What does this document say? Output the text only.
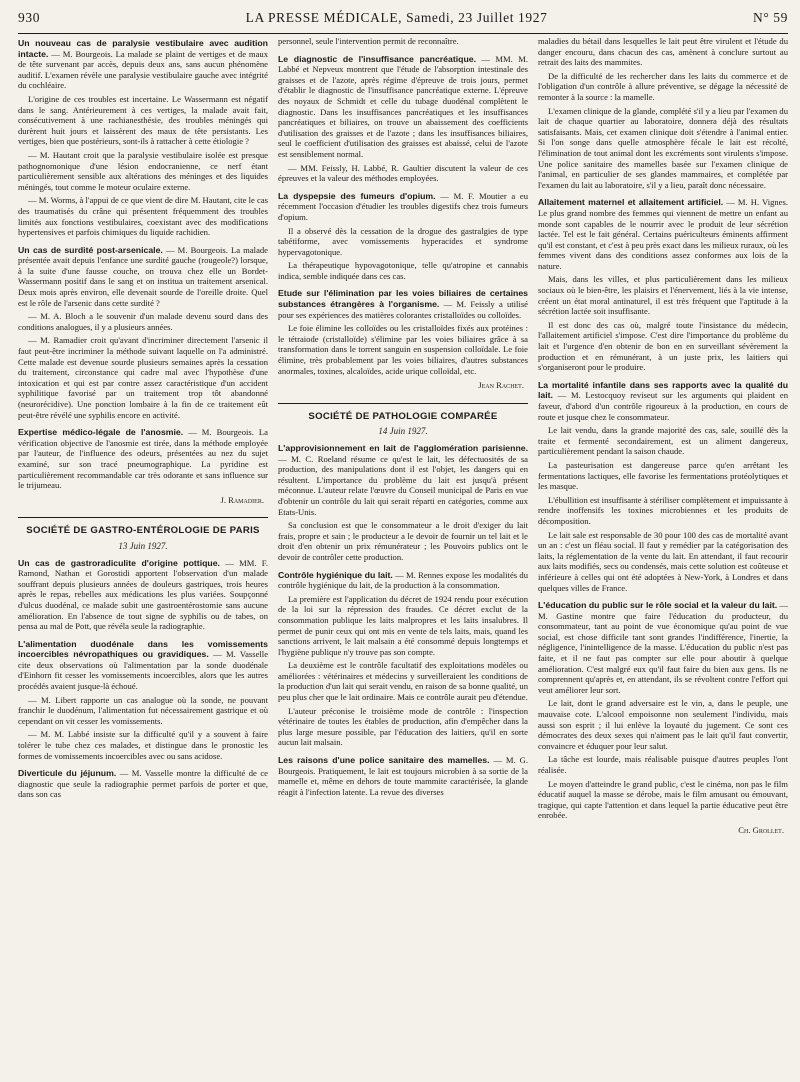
930	LA PRESSE MÉDICALE, Samedi, 23 Juillet 1927	N° 59

Un nouveau cas de paralysie vestibulaire avec audition intacte. — M. Bourgeois. La malade se plaint de vertiges et de maux de tête survenant par accès, depuis deux ans, sans aucun phénomène auditif. L'examen révèle une paralysie vestibulaire gauche avec intégrité du cochléaire.

L'origine de ces troubles est incertaine. Le Wassermann est négatif dans le sang. Antérieurement à ces vertiges, la malade avait fait, consécutivement à une rachianesthésie, des troubles méningés qui durèrent huit jours et laissèrent des maux de tête persistants. Les vertiges, bien que postérieurs, sont-ils à rattacher à cette étiologie ?

— M. Hautant croit que la paralysie vestibulaire isolée est presque pathognomonique d'une lésion endocranienne, ce nerf étant particulièrement sensible aux altérations des méninges et des liquides méningés, tout comme le moteur oculaire externe.

— M. Worms, à l'appui de ce que vient de dire M. Hautant, cite le cas des traumatisés du crâne qui présentent fréquemment des troubles limités aux fonctions vestibulaires, coexistant avec des modifications hypertensives et parfois chimiques du liquide rachidien.

Un cas de surdité post-arsenicale. — M. Bourgeois. La malade présentée avait depuis l'enfance une surdité gauche (rougeole?) lorsque, à la suite d'une fausse couche, on trouva chez elle un Bordet-Wassermann positif dans le sang et on institua un traitement arsenical. Deux mois après environ, elle devenait sourde de l'oreille droite. Quel est le rôle de l'arsenic dans cette surdité ?

— M. A. Bloch a le souvenir d'un malade devenu sourd dans des conditions analogues, il y a plusieurs années.

— M. Ramadier croit qu'avant d'incriminer directement l'arsenic il faut peut-être incriminer la méthode suivant laquelle on l'a administré. Cette malade est devenue sourde plusieurs semaines après la cessation du traitement, circonstance qui cadre mal avec l'hypothèse d'une intoxication et qui est par contre assez caractéristique d'un accident syphilitique favorisé par un traitement trop tôt abandonné (neurorécidive). Une ponction lombaire à la fin de ce traitement eût peut-être révélé une syphilis encore en activité.

Expertise médico-légale de l'anosmie. — M. Bourgeois. La vérification objective de l'anosmie est tirée, dans la méthode employée par l'auteur, de l'influence des odeurs, présentées au nez du sujet examiné, sur son tracé pneumographique. La pyridine est particulièrement recommandable car très odorante et sans influence sur le trijumeau.

J. Ramadier.
SOCIÉTÉ DE GASTRO-ENTÉROLOGIE DE PARIS
13 Juin 1927.

Un cas de gastroradiculite d'origine pottique. — MM. F. Ramond, Nathan et Gorostidi apportent l'observation d'un malade souffrant depuis plusieurs années de douleurs gastriques, trois heures après le repas, rebelles aux médications les plus variées. Soupçonné d'ulcus duodénal, ce malade subit une gastroentérostomie sans aucune amélioration. En l'absence de tout signe de syphilis ou de tabes, on pensa au mal de Pott, que révéla seule la radiographie.

L'alimentation duodénale dans les vomissements incoercibles névropathiques ou gravidiques. — M. Vasselle cite deux observations où l'alimentation par la sonde duodénale d'Einhorn fit cesser les vomissements incoercibles, alors que les autres procédés avaient jusque-là échoué.

— M. Libert rapporte un cas analogue où la sonde, ne pouvant franchir le duodénum, l'alimentation fut nécessairement gastrique et où cependant on vit cesser les vomissements.

— M. M. Labbé insiste sur la difficulté qu'il y a souvent à faire tolérer le tube chez ces malades, et distingue dans le pronostic les formes de vomissements incoercibles avec ou sans acidose.

Diverticule du jéjunum. — M. Vasselle montre la difficulté de ce diagnostic que seule la radiographie permet parfois de porter et que, dans son cas

personnel, seule l'intervention permit de reconnaître.

Le diagnostic de l'insuffisance pancréatique. — MM. M. Labbé et Nepveux montrent que l'étude de l'absorption intestinale des graisses et de l'azote, après régime d'épreuve de trois jours, permet d'établir le diagnostic de l'insuffisance pancréatique externe. L'épreuve des noyaux de Schmidt et celle du tubage duodénal complètent le diagnostic. Dans les insuffisances pancréatiques et les insuffisances pancréatiques et biliaires, on trouve un abaissement des coefficients d'utilisation des graisses et de l'azote ; dans les insuffisances biliaires, seul le coefficient d'utilisation des graisses est abaissé, celui de l'azote est sensiblement normal.

— MM. Feissly, H. Labbé, R. Gaultier discutent la valeur de ces épreuves et la valeur des méthodes employées.

La dyspepsie des fumeurs d'opium. — M. F. Moutier a eu récemment l'occasion d'étudier les troubles digestifs chez trois fumeurs d'opium.

Il a observé dès la cessation de la drogue des gastralgies de type tabétiforme, avec vomissements hyperacides et syndrome hypervagotonique.

La thérapeutique hypovagotonique, telle qu'atropine et cannabis indica, semble indiquée dans ces cas.

Etude sur l'élimination par les voies biliaires de certaines substances étrangères à l'organisme. — M. Feissly a utilisé pour ses expériences des matières colorantes cristalloïdes ou colloïdes.

Le foie élimine les colloïdes ou les cristalloïdes fixés aux protéines : le tétraiode (cristalloïde) s'élimine par les voies biliaires grâce à sa transformation dans le torrent sanguin en suspension colloïdale. Le foie élimine, très probablement par les voies biliaires, d'autres substances anormales, toxines, alcaloïdes, acide urique colloïdal, etc.

Jean Rachet.
SOCIÉTÉ DE PATHOLOGIE COMPARÉE
14 Juin 1927.

L'approvisionnement en lait de l'agglomération parisienne. — M. C. Roeland résume ce qu'est le lait, les défectuosités de sa production, des manipulations dont il est l'objet, les dangers qui en résultent. L'importance du problème du lait est jusqu'à présent méconnue. L'auteur relate l'œuvre du Conseil municipal de Paris en vue d'obtenir un contrôle du lait qui serait réparti en catégories, comme aux Etats-Unis.

Sa conclusion est que le consommateur a le droit d'exiger du lait frais, propre et sain ; le producteur a le devoir de fournir un tel lait et le droit d'en obtenir un prix rémunérateur ; les Pouvoirs publics ont le devoir de contrôler cette production.

Contrôle hygiénique du lait. — M. Rennes expose les modalités du contrôle hygiénique du lait, de la production à la consommation.

La première est l'application du décret de 1924 rendu pour exécution de la loi sur la répression des fraudes. Ce décret exclut de la consommation publique les laits malpropres et les laits insalubres. Il permet de punir ceux qui ont mis en vente de tels laits, mais, quand les sanctions arrivent, le lait malsain a été consommé depuis longtemps et l'hygiène publique n'y trouve pas son compte.

La deuxième est le contrôle facultatif des exploitations modèles ou améliorées : vétérinaires et médecins y surveilleraient les conditions de la production d'un lait qui serait vendu, en raison de sa bonne qualité, un peu plus cher que le lait ordinaire. Mais ce contrôle aurait peu d'étendue.

L'auteur préconise le troisième mode de contrôle : l'inspection vétérinaire de toutes les étables de production, afin d'empêcher dans la plus large mesure possible, par l'éducation des laitiers, qu'il en sorte aucun lait malsain.

Les raisons d'une police sanitaire des mamelles. — M. G. Bourgeois. Pratiquement, le lait est toujours microbien à sa sortie de la mamelle et, même en dehors de toute mammite caractérisée, la glande réagit à l'infection latente. La revue des diverses

maladies du bétail dans lesquelles le lait peut être virulent et l'étude du danger encouru, dans chacun des cas, amènent à conclure surtout au retrait des laits des mammites.

De la difficulté de les rechercher dans les laits du commerce et de l'obligation d'un contrôle à allure préventive, se dégage la nécessité de remonter à la source : la mamelle.

L'examen clinique de la glande, complété s'il y a lieu par l'examen du lait de chaque quartier au laboratoire, donnera déjà des résultats satisfaisants. Mais, cet examen clinique doit s'étendre à l'animal entier. Si l'on songe dans quelle atmosphère fécale le lait est récolté, l'élimination de tout animal dont les excréments sont virulents s'impose. Une police sanitaire des mamelles basée sur l'examen clinique de l'animal, en particulier de ses glandes mammaires, et complétée par l'examen du lait au laboratoire, s'il y a lieu, paraît donc nécessaire.

Allaitement maternel et allaitement artificiel. — M. H. Vignes. Le plus grand nombre des femmes qui viennent de mettre un enfant au monde sont capables de le nourrir avec le produit de leur sécrétion lactée. Tel est le fait général. Certains puériculteurs éminents affirment qu'il est constant, et c'est à peu près exact dans les milieux ruraux, où les femmes vivent dans des conditions assez conformes aux lois de la nature.

Mais, dans les villes, et plus particulièrement dans les milieux sociaux où le bien-être, les plaisirs et l'énervement, liés à la vie intense, créent un état moral antinaturel, il est très fréquent que l'aptitude à la sécrétion lactée soit insuffisante.

Il est donc des cas où, malgré toute l'insistance du médecin, l'allaitement artificiel s'impose. C'est dire l'importance du problème du lait et l'urgence d'en obtenir de bon en en surveillant sévèrement la production et en rémunérant, à un juste prix, les laitiers qui s'organiseront pour le produire.

La mortalité infantile dans ses rapports avec la qualité du lait. — M. Lestocquoy reviseut sur les arguments qui plaident en faveur, d'abord d'un contrôle rigoureux à la production, en cours de route et jusque chez le consommateur.

Le lait vendu, dans la grande majorité des cas, sale, souillé dès la traite et fermenté secondairement, est un aliment dangereux, particulièrement pendant la saison chaude.

La pasteurisation est dangereuse parce qu'en arrêtant les fermentations lactiques, elle favorise les fermentations protéolytiques et les masque.

L'ébullition est insuffisante à stériliser complètement et impuissante à rendre inoffensifs les toxines microbiennes et les produits de décomposition.

Le lait sale est responsable de 30 pour 100 des cas de mortalité avant un an : c'est un fléau social. Il faut y remédier par la catégorisation des laits, la réglementation de la vente du lait. En attendant, il faut recourir aux laits modifiés, secs ou condensés, mais cette solution est coûteuse et inférieure à celles qui ont été adoptées à New-York, à Londres et dans quelques villes de France.

L'éducation du public sur le rôle social et la valeur du lait. — M. Gastine montre que faire l'éducation du producteur, du consommateur, tant au point de vue économique qu'au point de vue social, est chose difficile tant sont grandes l'indifférence, l'inertie, la négligence, l'inintelligence de la masse. L'éducation du public n'est pas faite, et il ne faut pas compter sur elle pour aboutir à quelque amélioration. C'est malgré eux qu'il faut faire du bien aux gens. Ils ne comprennent qu'après et, en attendant, ils se révoltent contre l'effort qui veut améliorer leur sort.

Le lait, dont le grand adversaire est le vin, a, dans le peuple, une mauvaise cote. L'alcool empoisonne non seulement l'individu, mais aussi son esprit ; il lui enlève la loyauté du jugement. Ce sont ces démocrates des deux sexes qui n'aiment pas le lait qu'il faut convertir, convaincre et éduquer pour leur salut.

La tâche est lourde, mais réalisable puisque d'autres peuples l'ont réalisée.

Le moyen d'atteindre le grand public, c'est le cinéma, non pas le film éducatif auquel la masse se dérobe, mais le film amusant ou émouvant, tragique, qui capte l'attention et dans lequel la partie éducative peut être enrobée.

Ch. Grollet.
